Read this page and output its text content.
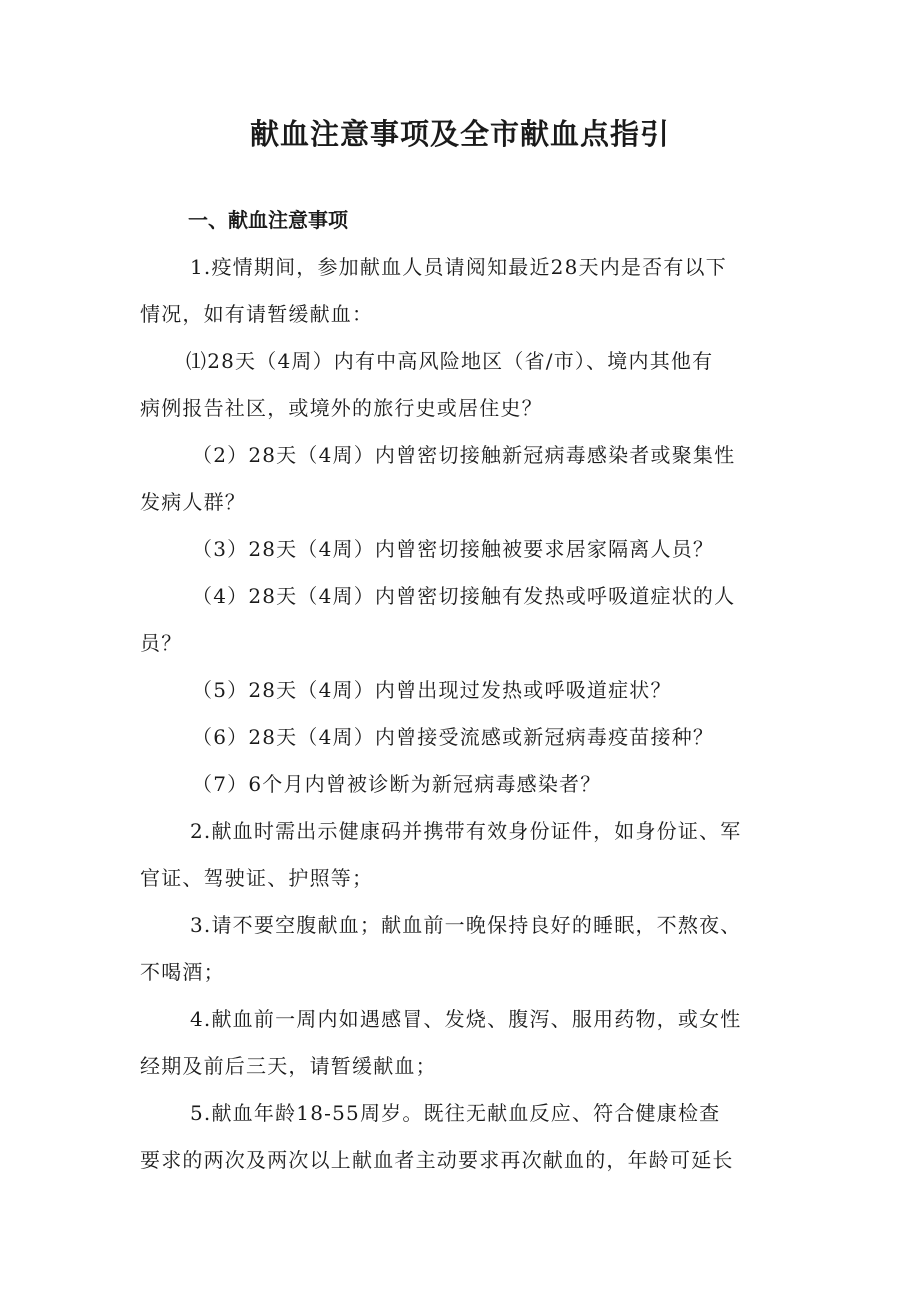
献血注意事项及全市献血点指引
一、献血注意事项
1.疫情期间，参加献血人员请阅知最近28天内是否有以下
情况，如有请暂缓献血：
⑴28天（4周）内有中高风险地区（省/市）、境内其他有
病例报告社区，或境外的旅行史或居住史？
（2）28天（4周）内曾密切接触新冠病毒感染者或聚集性
发病人群？
（3）28天（4周）内曾密切接触被要求居家隔离人员？
（4）28天（4周）内曾密切接触有发热或呼吸道症状的人
员？
（5）28天（4周）内曾出现过发热或呼吸道症状？
（6）28天（4周）内曾接受流感或新冠病毒疫苗接种？
（7）6个月内曾被诊断为新冠病毒感染者？
2.献血时需出示健康码并携带有效身份证件，如身份证、军
官证、驾驶证、护照等；
3.请不要空腹献血；献血前一晚保持良好的睡眠，不熬夜、
不喝酒；
4.献血前一周内如遇感冒、发烧、腹泻、服用药物，或女性
经期及前后三天，请暂缓献血；
5.献血年龄18-55周岁。既往无献血反应、符合健康检查
要求的两次及两次以上献血者主动要求再次献血的，年龄可延长
